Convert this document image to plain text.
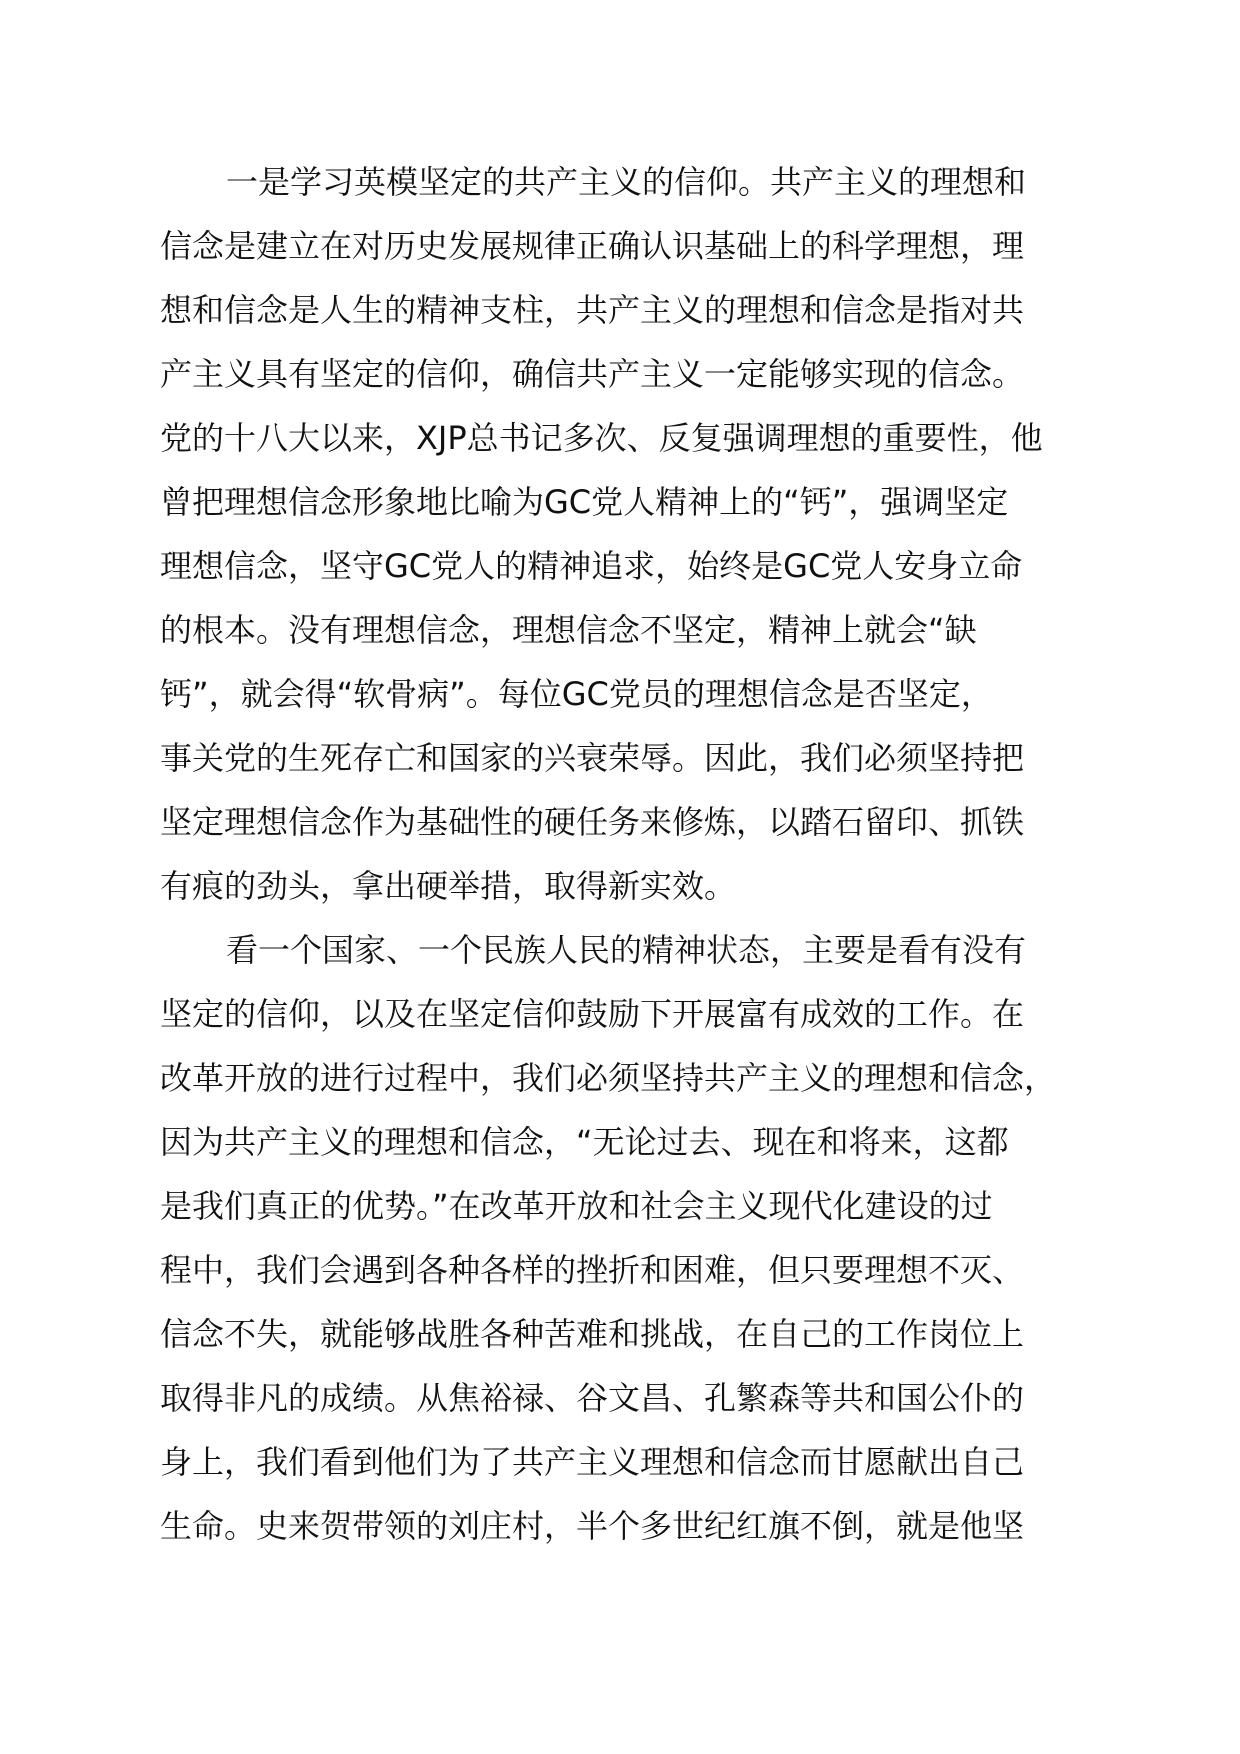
一是学习英模坚定的共产主义的信仰。共产主义的理想和
信念是建立在对历史发展规律正确认识基础上的科学理想，理
想和信念是人生的精神支柱，共产主义的理想和信念是指对共
产主义具有坚定的信仰，确信共产主义一定能够实现的信念。
党的十八大以来，XJP总书记多次、反复强调理想的重要性，他
曾把理想信念形象地比喻为GC党人精神上的“钙”，强调坚定
理想信念，坚守GC党人的精神追求，始终是GC党人安身立命
的根本。没有理想信念，理想信念不坚定，精神上就会“缺
钙”，就会得“软骨病”。每位GC党员的理想信念是否坚定，
事关党的生死存亡和国家的兴衰荣辱。因此，我们必须坚持把
坚定理想信念作为基础性的硬任务来修炼，以踏石留印、抓铁
有痕的劲头，拿出硬举措，取得新实效。
看一个国家、一个民族人民的精神状态，主要是看有没有
坚定的信仰，以及在坚定信仰鼓励下开展富有成效的工作。在
改革开放的进行过程中，我们必须坚持共产主义的理想和信念，
因为共产主义的理想和信念，“无论过去、现在和将来，这都
是我们真正的优势。”在改革开放和社会主义现代化建设的过
程中，我们会遇到各种各样的挫折和困难，但只要理想不灭、
信念不失，就能够战胜各种苦难和挑战，在自己的工作岗位上
取得非凡的成绩。从焦裕禄、谷文昌、孔繁森等共和国公仆的
身上，我们看到他们为了共产主义理想和信念而甘愿献出自己
生命。史来贺带领的刘庄村，半个多世纪红旗不倒，就是他坚
